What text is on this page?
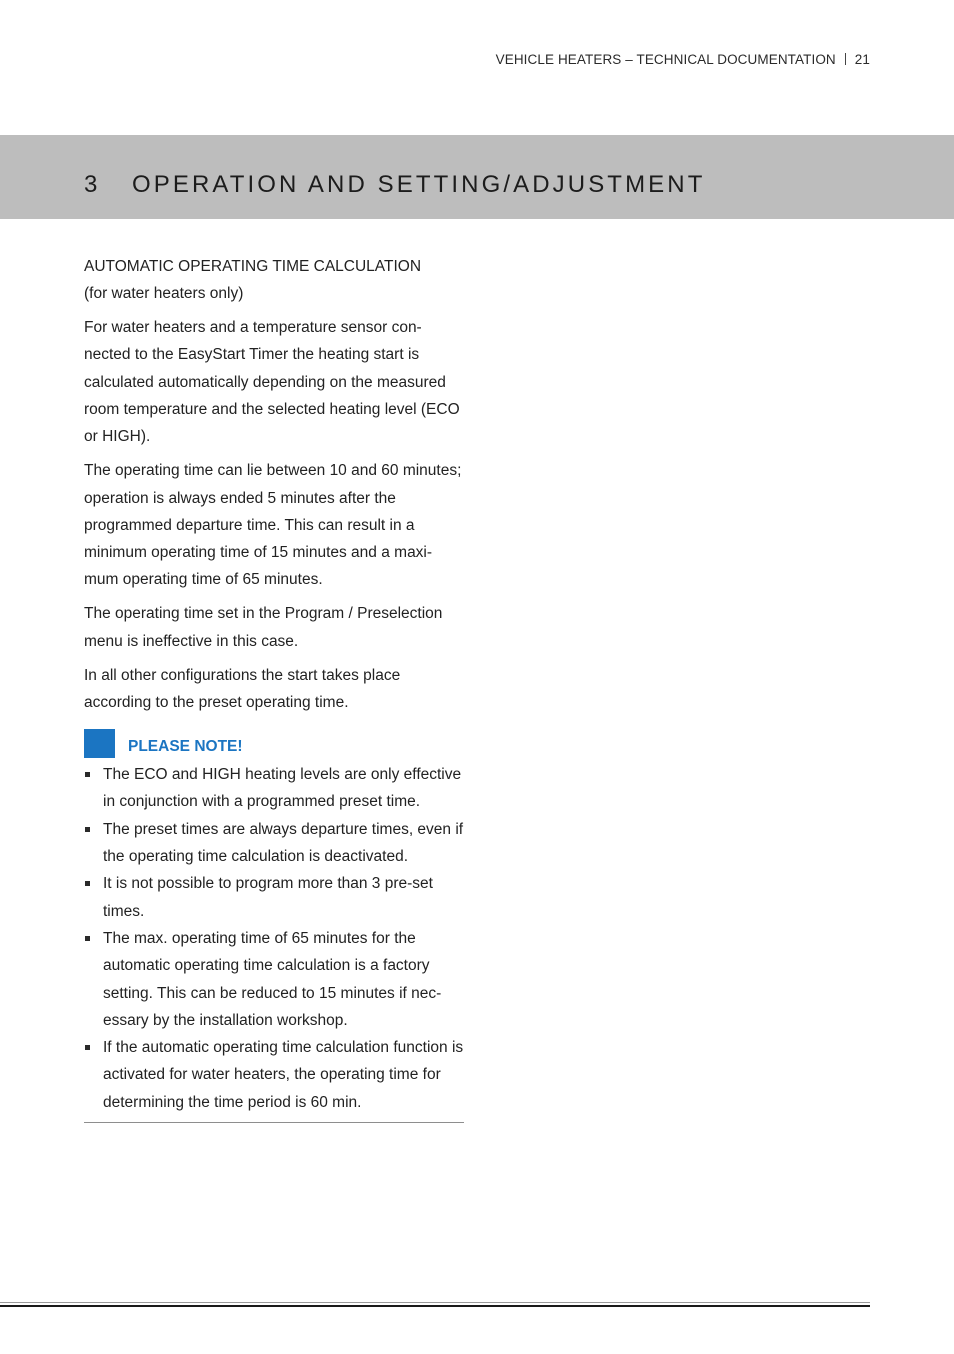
VEHICLE HEATERS – TECHNICAL DOCUMENTATION 21
3 OPERATION AND SETTING/ADJUSTMENT

AUTOMATIC OPERATING TIME CALCULATION

(for water heaters only)

For water heaters and a temperature sensor con-nected to the EasyStart Timer the heating start is calculated automatically depending on the measured room temperature and the selected heating level (ECO or HIGH).

The operating time can lie between 10 and 60 minutes; operation is always ended 5 minutes after the programmed departure time. This can result in a minimum operating time of 15 minutes and a maxi-mum operating time of 65 minutes.

The operating time set in the Program / Preselection menu is ineffective in this case.

In all other configurations the start takes place according to the preset operating time.

PLEASE NOTE!
The ECO and HIGH heating levels are only effective in conjunction with a programmed preset time.
The preset times are always departure times, even if the operating time calculation is deactivated.
It is not possible to program more than 3 pre-set times.
The max. operating time of 65 minutes for the automatic operating time calculation is a factory setting. This can be reduced to 15 minutes if nec-essary by the installation workshop.
If the automatic operating time calculation function is activated for water heaters, the operating time for determining the time period is 60 min.
